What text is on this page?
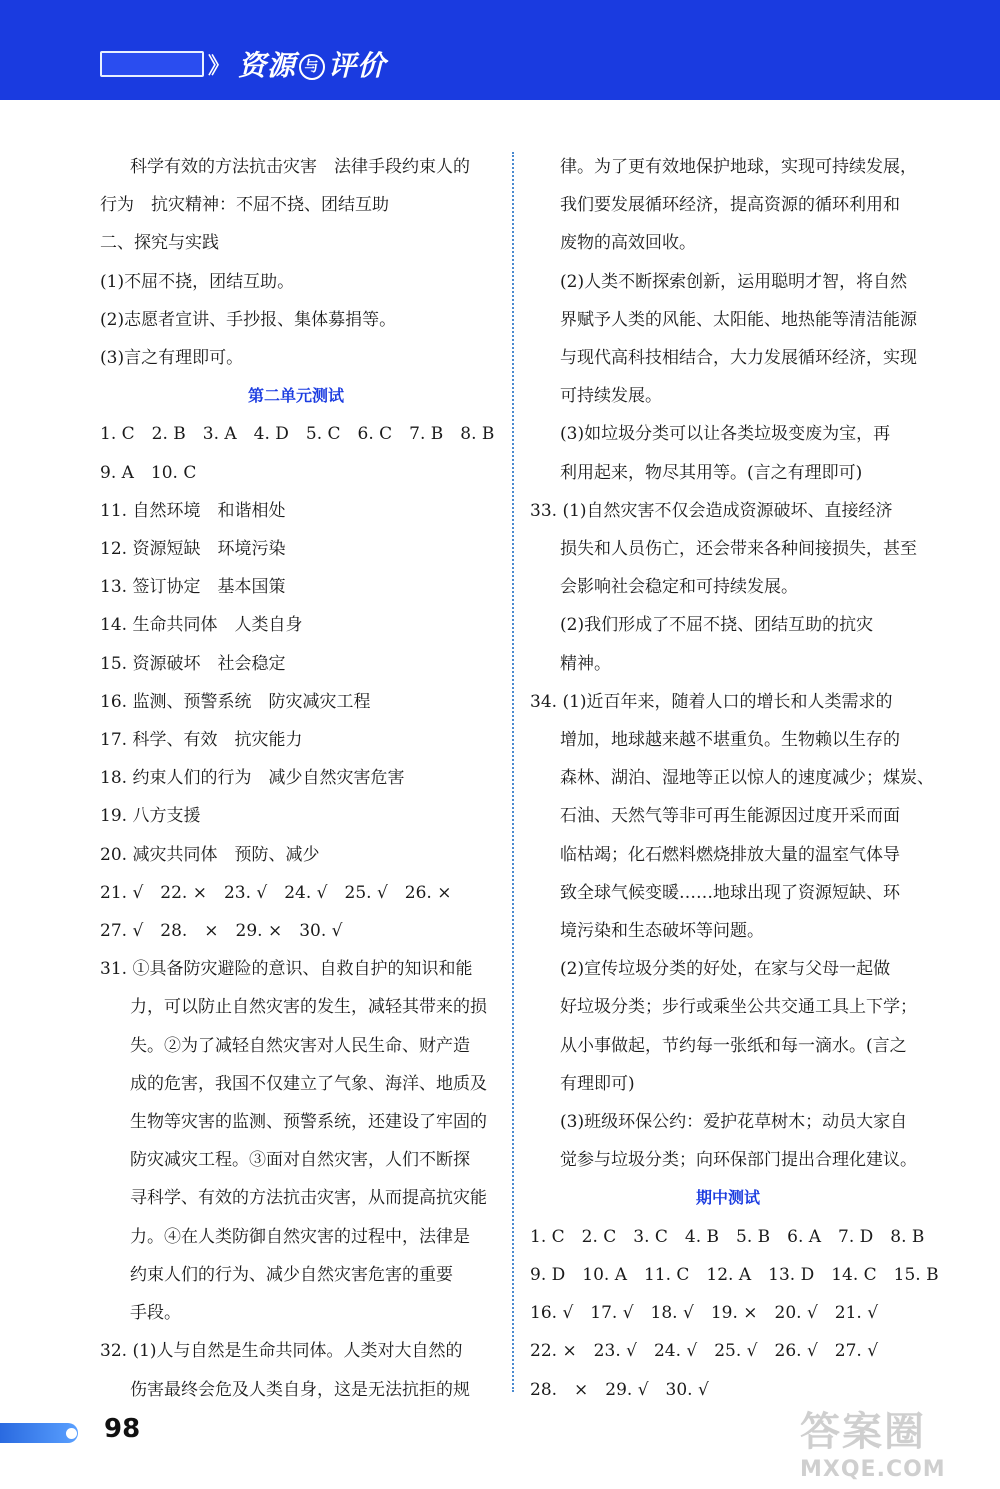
》 资源 与 评价
科学有效的方法抗击灾害　法律手段约束人的
行为　抗灾精神：不屈不挠、团结互助
二、探究与实践
(1)不屈不挠，团结互助。
(2)志愿者宣讲、手抄报、集体募捐等。
(3)言之有理即可。
第二单元测试
1. C　2. B　3. A　4. D　5. C　6. C　7. B　8. B
9. A　10. C
11. 自然环境　和谐相处
12. 资源短缺　环境污染
13. 签订协定　基本国策
14. 生命共同体　人类自身
15. 资源破坏　社会稳定
16. 监测、预警系统　防灾减灾工程
17. 科学、有效　抗灾能力
18. 约束人们的行为　减少自然灾害危害
19. 八方支援
20. 减灾共同体　预防、减少
21. √　22. ×　23. √　24. √　25. √　26. ×
27. √　28.　×　29. ×　30. √
31. ①具备防灾避险的意识、自救自护的知识和能
力，可以防止自然灾害的发生，减轻其带来的损
失。②为了减轻自然灾害对人民生命、财产造
成的危害，我国不仅建立了气象、海洋、地质及
生物等灾害的监测、预警系统，还建设了牢固的
防灾减灾工程。③面对自然灾害，人们不断探
寻科学、有效的方法抗击灾害，从而提高抗灾能
力。④在人类防御自然灾害的过程中，法律是
约束人们的行为、减少自然灾害危害的重要
手段。
32. (1)人与自然是生命共同体。人类对大自然的
伤害最终会危及人类自身，这是无法抗拒的规
律。为了更有效地保护地球，实现可持续发展，
我们要发展循环经济，提高资源的循环利用和
废物的高效回收。
(2)人类不断探索创新，运用聪明才智，将自然
界赋予人类的风能、太阳能、地热能等清洁能源
与现代高科技相结合，大力发展循环经济，实现
可持续发展。
(3)如垃圾分类可以让各类垃圾变废为宝，再
利用起来，物尽其用等。(言之有理即可)
33. (1)自然灾害不仅会造成资源破坏、直接经济
损失和人员伤亡，还会带来各种间接损失，甚至
会影响社会稳定和可持续发展。
(2)我们形成了不屈不挠、团结互助的抗灾
精神。
34. (1)近百年来，随着人口的增长和人类需求的
增加，地球越来越不堪重负。生物赖以生存的
森林、湖泊、湿地等正以惊人的速度减少；煤炭、
石油、天然气等非可再生能源因过度开采而面
临枯竭；化石燃料燃烧排放大量的温室气体导
致全球气候变暖……地球出现了资源短缺、环
境污染和生态破坏等问题。
(2)宣传垃圾分类的好处，在家与父母一起做
好垃圾分类；步行或乘坐公共交通工具上下学；
从小事做起，节约每一张纸和每一滴水。(言之
有理即可)
(3)班级环保公约：爱护花草树木；动员大家自
觉参与垃圾分类；向环保部门提出合理化建议。
期中测试
1. C　2. C　3. C　4. B　5. B　6. A　7. D　8. B
9. D　10. A　11. C　12. A　13. D　14. C　15. B
16. √　17. √　18. √　19. ×　20. √　21. √
22. ×　23. √　24. √　25. √　26. √　27. √
28.　×　29. √　30. √
98	答案圈
MXQE.COM
